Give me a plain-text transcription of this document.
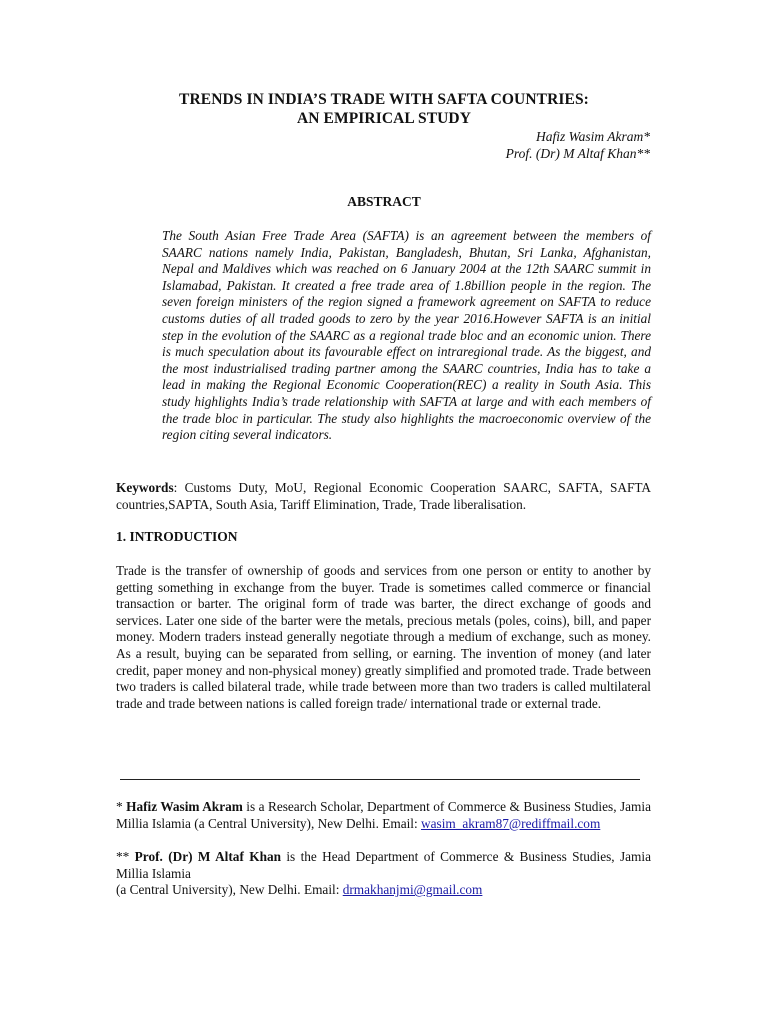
TRENDS IN INDIA’S TRADE WITH SAFTA COUNTRIES:
AN EMPIRICAL STUDY
Hafiz Wasim Akram*
Prof. (Dr) M Altaf Khan**
ABSTRACT
The South Asian Free Trade Area (SAFTA) is an agreement between the members of SAARC nations namely India, Pakistan, Bangladesh, Bhutan, Sri Lanka, Afghanistan, Nepal and Maldives which was reached on 6 January 2004 at the 12th SAARC summit in Islamabad, Pakistan. It created a free trade area of 1.8billion people in the region. The seven foreign ministers of the region signed a framework agreement on SAFTA to reduce customs duties of all traded goods to zero by the year 2016.However SAFTA is an initial step in the evolution of the SAARC as a regional trade bloc and an economic union. There is much speculation about its favourable effect on intraregional trade. As the biggest, and the most industrialised trading partner among the SAARC countries, India has to take a lead in making the Regional Economic Cooperation(REC) a reality in South Asia. This study highlights India’s trade relationship with SAFTA at large and with each members of the trade bloc in particular. The study also highlights the macroeconomic overview of the region citing several indicators.
Keywords: Customs Duty, MoU, Regional Economic Cooperation SAARC, SAFTA, SAFTA countries,SAPTA, South Asia, Tariff Elimination, Trade, Trade liberalisation.
1. INTRODUCTION
Trade is the transfer of ownership of goods and services from one person or entity to another by getting something in exchange from the buyer. Trade is sometimes called commerce or financial transaction or barter. The original form of trade was barter, the direct exchange of goods and services. Later one side of the barter were the metals, precious metals (poles, coins), bill, and paper money. Modern traders instead generally negotiate through a medium of exchange, such as money. As a result, buying can be separated from selling, or earning. The invention of money (and later credit, paper money and non-physical money) greatly simplified and promoted trade. Trade between two traders is called bilateral trade, while trade between more than two traders is called multilateral trade and trade between nations is called foreign trade/ international trade or external trade.
* Hafiz Wasim Akram is a Research Scholar, Department of Commerce & Business Studies, Jamia Millia Islamia (a Central University), New Delhi. Email: wasim_akram87@rediffmail.com
** Prof. (Dr) M Altaf Khan is the Head Department of Commerce & Business Studies, Jamia Millia Islamia
(a Central University), New Delhi. Email: drmakhanjmi@gmail.com
